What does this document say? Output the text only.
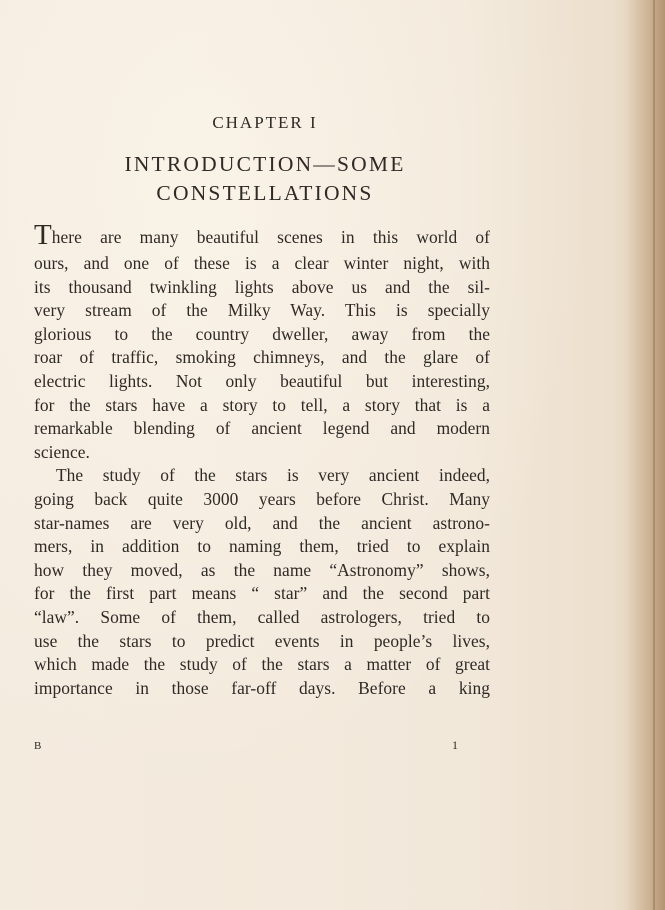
CHAPTER I
INTRODUCTION—SOME
CONSTELLATIONS
There are many beautiful scenes in this world of
ours, and one of these is a clear winter night, with
its thousand twinkling lights above us and the sil-
very stream of the Milky Way. This is specially
glorious to the country dweller, away from the
roar of traffic, smoking chimneys, and the glare of
electric lights. Not only beautiful but interesting,
for the stars have a story to tell, a story that is a
remarkable blending of ancient legend and modern
science.
The study of the stars is very ancient indeed,
going back quite 3000 years before Christ. Many
star-names are very old, and the ancient astrono-
mers, in addition to naming them, tried to explain
how they moved, as the name “Astronomy” shows,
for the first part means “ star” and the second part
“law”. Some of them, called astrologers, tried to
use the stars to predict events in people’s lives,
which made the study of the stars a matter of great
importance in those far-off days. Before a king
B	1
